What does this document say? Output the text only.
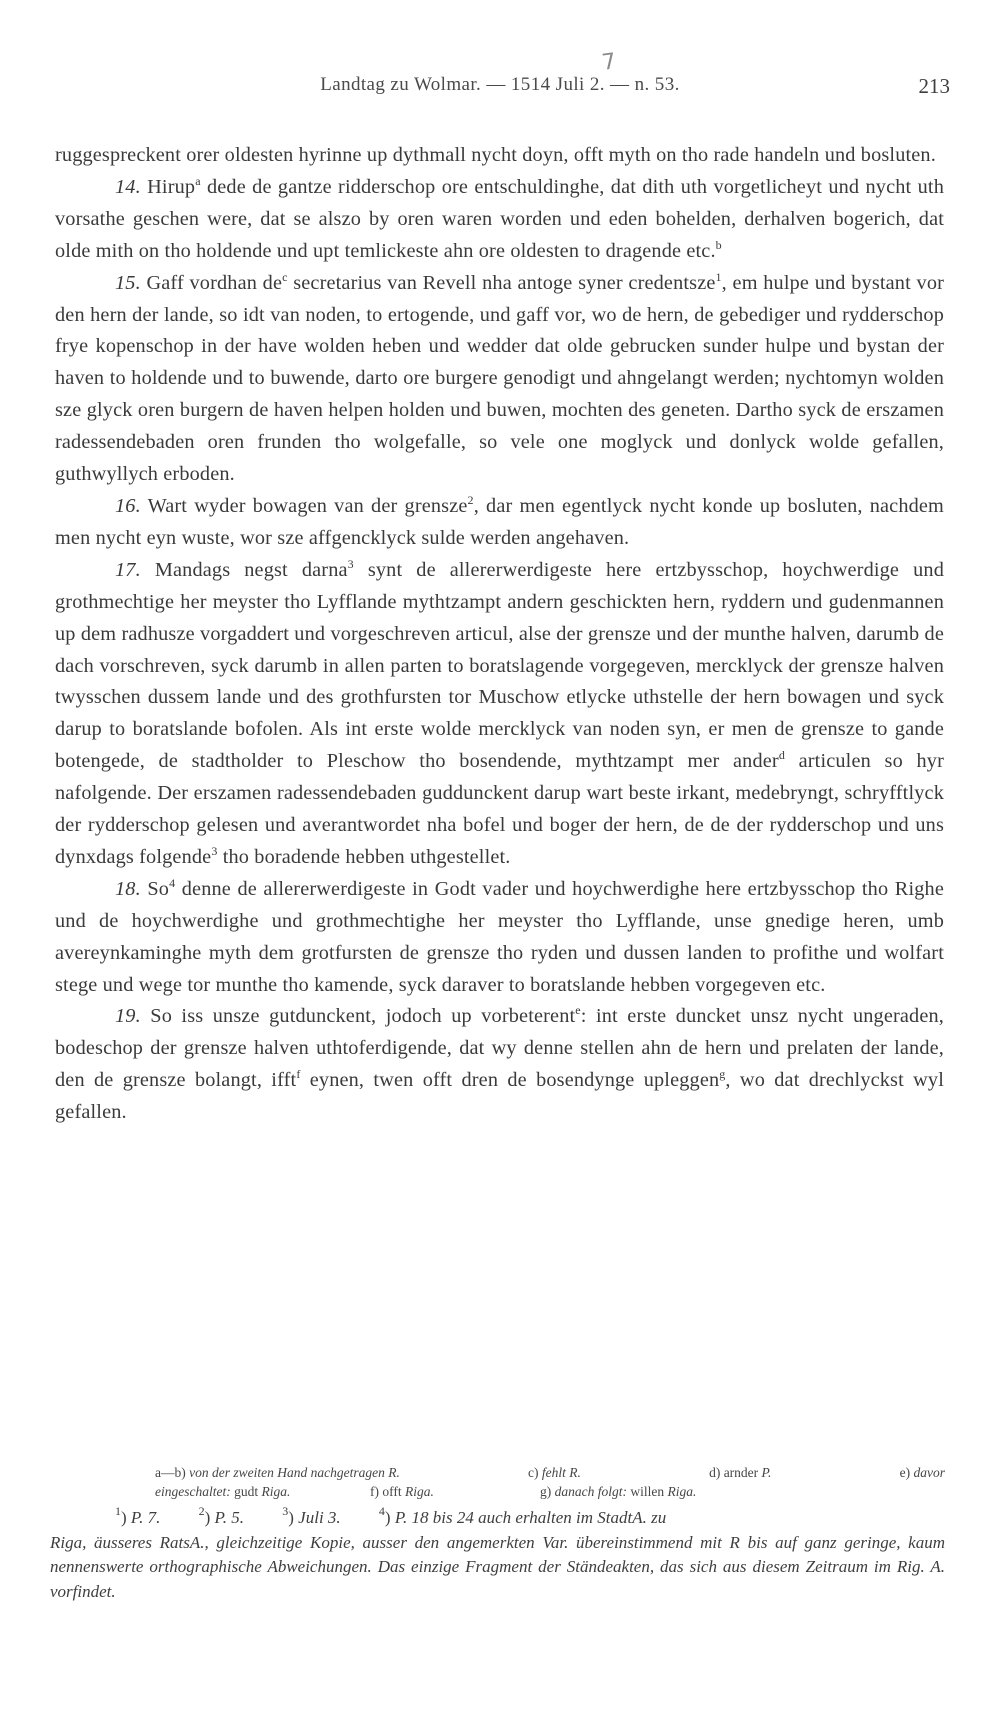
Landtag zu Wolmar. — 1514 Juli 2. — n. 53.	213
7

ruggespreckent orer oldesten hyrinne up dythmall nycht doyn, offt myth on tho rade handeln und bosluten.

14. Hirup$^a$ dede de gantze ridderschop ore entschuldinghe, dat dith uth vorgetlicheyt und nycht uth vorsathe geschen were, dat se alszo by oren waren worden und eden bohelden, derhalven bogerich, dat olde mith on tho holdende und upt temlickeste ahn ore oldesten to dragende etc.$^b$

15. Gaff vordhan $de^c$ secretarius van Revell nha antoge syner credentsze$^1$, em hulpe und bystant vor den hern der lande, so idt van noden, to ertogende, und gaff vor, wo de hern, de gebediger und rydderschop frye kopenschop in der have wolden heben und wedder dat olde gebrucken sunder hulpe und bystan der haven to holdende und to buwende, darto ore burgere genodigt und ahngelangt werden; nychtomyn wolden sze glyck oren burgern de haven helpen holden und buwen, mochten des geneten. Dartho syck de erszamen radessendebaden oren frunden tho wolgefalle, so vele one moglyck und donlyck wolde gefallen, guthwyllych erboden.

16. Wart wyder bowagen van der grensze$^2$, dar men egentlyck nycht konde up bosluten, nachdem men nycht eyn wuste, wor sze affgencklyck sulde werden angehaven.

17. Mandags negst darna$^3$ synt de allererwerdigeste here ertzbysschop, hoychwerdige und grothmechtige her meyster tho Lyfflande mythtzampt andern geschickten hern, ryddern und gudenmannen up dem radhusze vorgaddert und vorgeschreven articul, alse der grensze und der munthe halven, darumb de dach vorschreven, syck darumb in allen parten to boratslagende vorgegeven, mercklyck der grensze halven twysschen dussem lande und des grothfursten tor Muschow etlycke uthstelle der hern bowagen und syck darup to boratslande bofolen. Als int erste wolde mercklyck van noden syn, er men de grensze to gande botengede, de stadtholder to Pleschow tho bosendende, mythtzampt mer ander$^d$ articulen so hyr nafolgende. Der erszamen radessendebaden guddunckent darup wart beste irkant, medebryngt, schryfftlyck der rydderschop gelesen und averantwordet nha bofel und boger der hern, de de der rydderschop und uns dynxdags folgende$^3$ tho boradende hebben uthgestellet.

18. So$^4$ denne de allererwerdigeste in Godt vader und hoychwerdighe here ertzbysschop tho Righe und de hoychwerdighe und grothmechtighe her meyster tho Lyfflande, unse gnedige heren, umb avereynkaminghe myth dem grotfursten de grensze tho ryden und dussen landen to profithe und wolfart stege und wege tor munthe tho kamende, syck daraver to boratslande hebben vorgegeven etc.

19. So iss unsze gutdunckent, jodoch up vorbeterent$^e$: int erste duncket unsz nycht ungeraden, bodeschop der grensze halven uthtoferdigende, dat wy denne stellen ahn de hern und prelaten der lande, den de grensze bolangt, ifft$^f$ eynen, twen offt dren de bosendynge upleggen$^g$, wo dat drechlyckst wyl gefallen.

a—b) von der zweiten Hand nachgetragen R.	c) fehlt R.	d) arnder P.	e) davor
eingeschaltet: gudt Riga.	f) offt Riga.	g) danach folgt: willen Riga.
$^1$) P. 7.	$^2$) P. 5.	$^3$) Juli 3.	$^4$) P. 18 bis 24 auch erhalten im StadtA. zu
Riga, äusseres RatsA., gleichzeitige Kopie, ausser den angemerkten Var. übereinstimmend mit R bis auf ganz geringe, kaum nennenswerte orthographische Abweichungen. Das einzige Fragment der Ständeakten, das sich aus diesem Zeitraum im Rig. A. vorfindet.
